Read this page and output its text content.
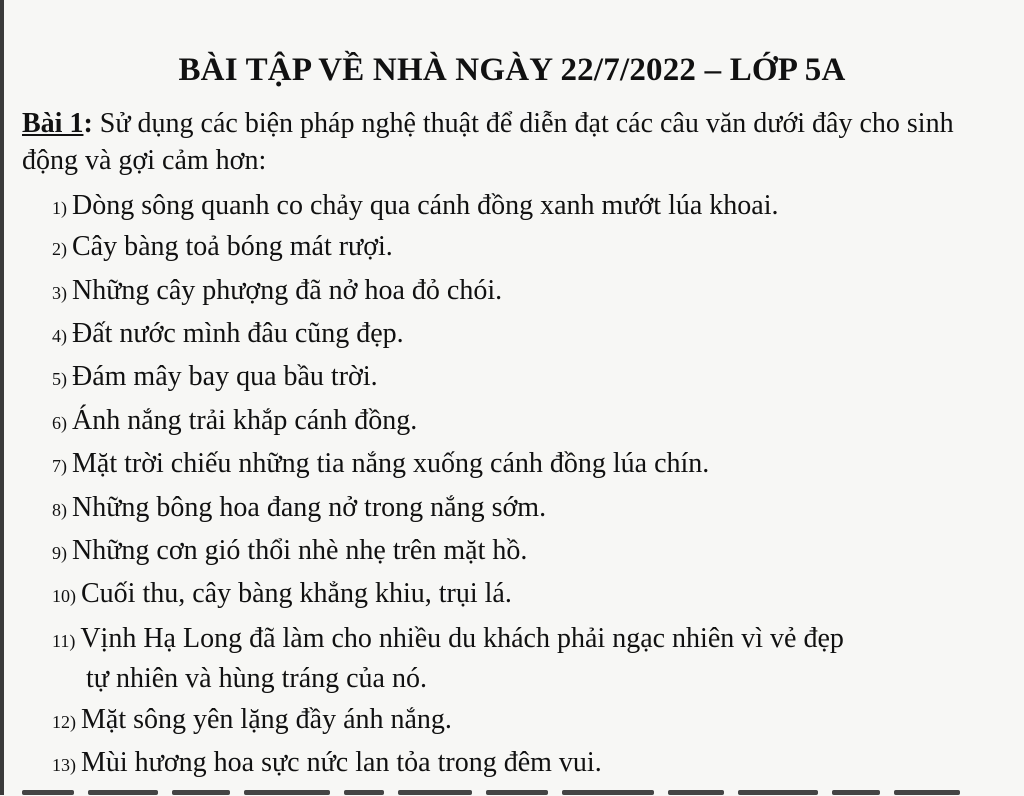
BÀI TẬP VỀ NHÀ NGÀY 22/7/2022 – LỚP 5A
Bài 1: Sử dụng các biện pháp nghệ thuật để diễn đạt các câu văn dưới đây cho sinh động và gợi cảm hơn:
1) Dòng sông quanh co chảy qua cánh đồng xanh mướt lúa khoai.
2) Cây bàng toả bóng mát rượi.
3) Những cây phượng đã nở hoa đỏ chói.
4) Đất nước mình đâu cũng đẹp.
5) Đám mây bay qua bầu trời.
6) Ánh nắng trải khắp cánh đồng.
7) Mặt trời chiếu những tia nắng xuống cánh đồng lúa chín.
8) Những bông hoa đang nở trong nắng sớm.
9) Những cơn gió thổi nhè nhẹ trên mặt hồ.
10) Cuối thu, cây bàng khẳng khiu, trụi lá.
11) Vịnh Hạ Long đã làm cho nhiều du khách phải ngạc nhiên vì vẻ đẹp
tự nhiên và hùng tráng của nó.
12) Mặt sông yên lặng đầy ánh nắng.
13) Mùi hương hoa sực nức lan tỏa trong đêm vui.
